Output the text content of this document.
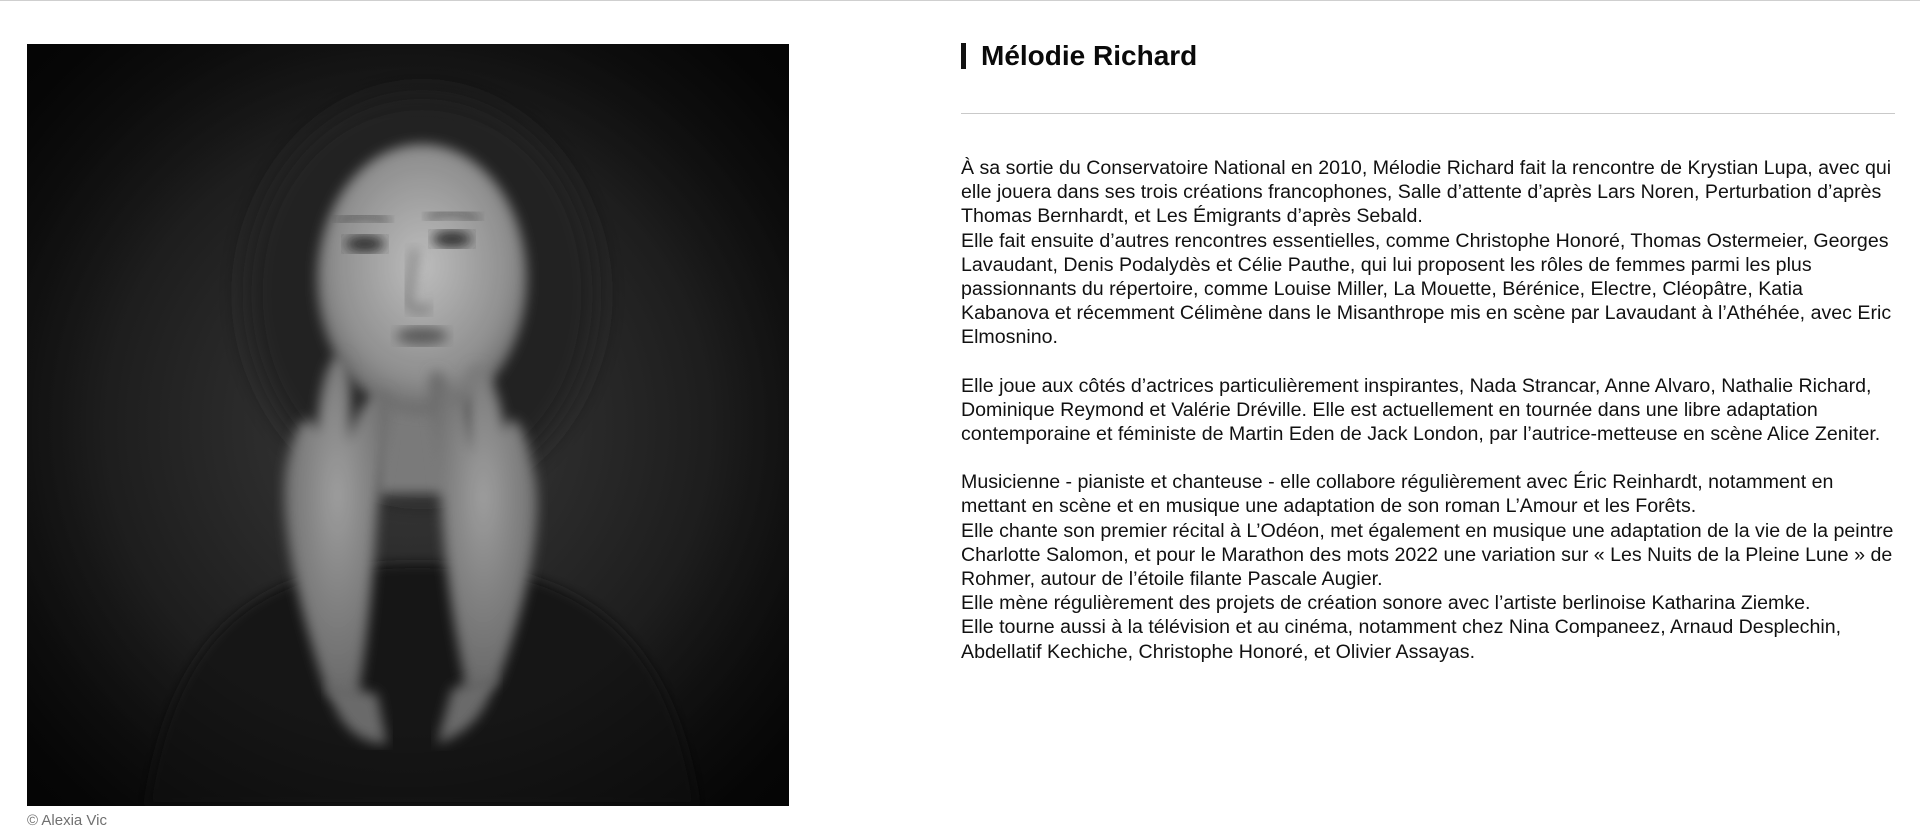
© Alexia Vic
Mélodie Richard

À sa sortie du Conservatoire National en 2010, Mélodie Richard fait la rencontre de Krystian Lupa, avec qui elle jouera dans ses trois créations francophones, Salle d’attente d’après Lars Noren, Perturbation d’après Thomas Bernhardt, et Les Émigrants d’après Sebald.

Elle fait ensuite d’autres rencontres essentielles, comme Christophe Honoré, Thomas Ostermeier, Georges Lavaudant, Denis Podalydès et Célie Pauthe, qui lui proposent les rôles de femmes parmi les plus passionnants du répertoire, comme Louise Miller, La Mouette, Bérénice, Electre, Cléopâtre, Katia Kabanova et récemment Célimène dans le Misanthrope mis en scène par Lavaudant à l’Athéhée, avec Eric Elmosnino.

Elle joue aux côtés d’actrices particulièrement inspirantes, Nada Strancar, Anne Alvaro, Nathalie Richard, Dominique Reymond et Valérie Dréville. Elle est actuellement en tournée dans une libre adaptation contemporaine et féministe de Martin Eden de Jack London, par l’autrice-metteuse en scène Alice Zeniter.

Musicienne - pianiste et chanteuse - elle collabore régulièrement avec Éric Reinhardt, notamment en mettant en scène et en musique une adaptation de son roman L’Amour et les Forêts.

Elle chante son premier récital à L’Odéon, met également en musique une adaptation de la vie de la peintre Charlotte Salomon, et pour le Marathon des mots 2022 une variation sur « Les Nuits de la Pleine Lune » de Rohmer, autour de l’étoile filante Pascale Augier.

Elle mène régulièrement des projets de création sonore avec l’artiste berlinoise Katharina Ziemke.

Elle tourne aussi à la télévision et au cinéma, notamment chez Nina Companeez, Arnaud Desplechin, Abdellatif Kechiche, Christophe Honoré, et Olivier Assayas.
